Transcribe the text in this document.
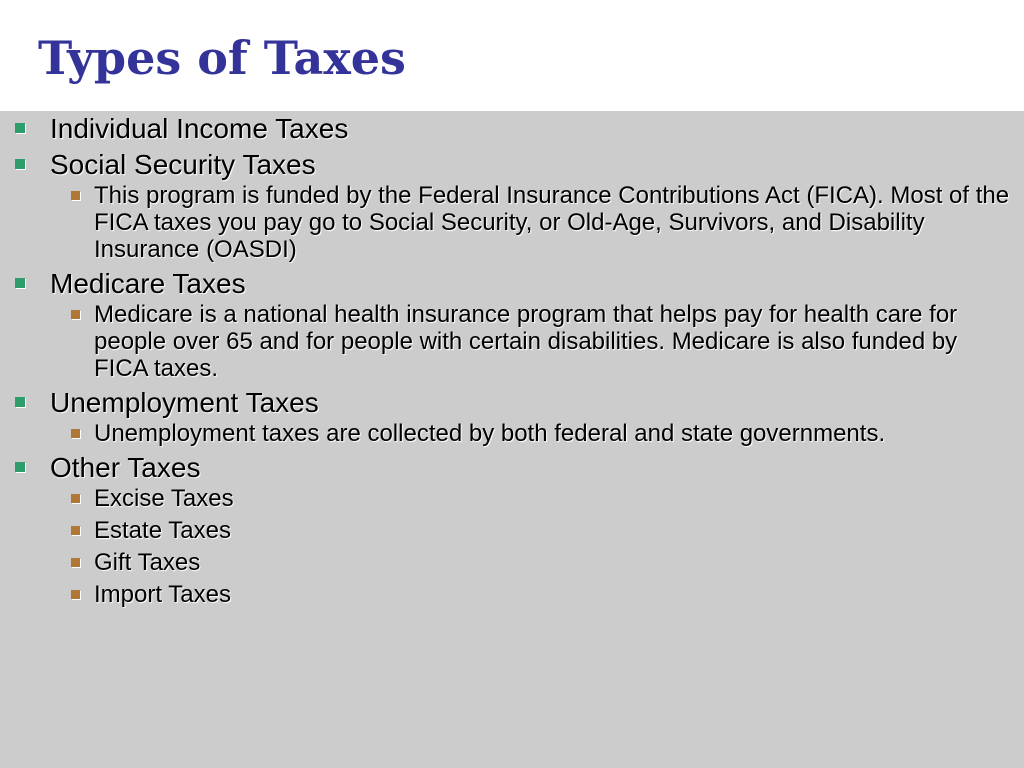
Types of Taxes
Individual Income Taxes
Social Security Taxes
This program is funded by the Federal Insurance Contributions Act (FICA). Most of the FICA taxes you pay go to Social Security, or Old-Age, Survivors, and Disability Insurance (OASDI)
Medicare Taxes
Medicare is a national health insurance program that helps pay for health care for people over 65 and for people with certain disabilities. Medicare is also funded by FICA taxes.
Unemployment Taxes
Unemployment taxes are collected by both federal and state governments.
Other Taxes
Excise Taxes
Estate Taxes
Gift Taxes
Import Taxes
